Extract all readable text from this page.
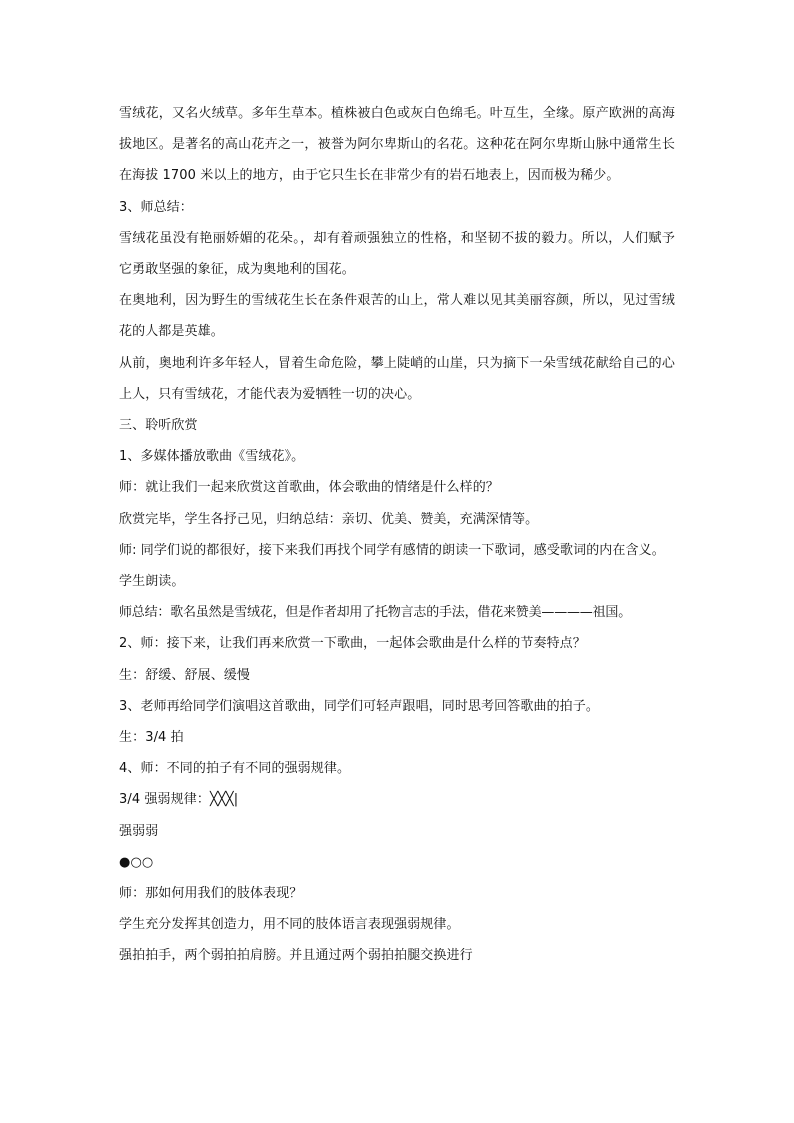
雪绒花，又名火绒草。多年生草本。植株被白色或灰白色绵毛。叶互生，全缘。原产欧洲的高海拔地区。是著名的高山花卉之一，被誉为阿尔卑斯山的名花。这种花在阿尔卑斯山脉中通常生长在海拔 1700 米以上的地方，由于它只生长在非常少有的岩石地表上，因而极为稀少。

3、师总结：

雪绒花虽没有艳丽娇媚的花朵。，却有着顽强独立的性格，和坚韧不拔的毅力。所以，人们赋予它勇敢坚强的象征，成为奥地利的国花。

在奥地利，因为野生的雪绒花生长在条件艰苦的山上，常人难以见其美丽容颜，所以，见过雪绒花的人都是英雄。

从前，奥地利许多年轻人，冒着生命危险，攀上陡峭的山崖，只为摘下一朵雪绒花献给自己的心上人，只有雪绒花，才能代表为爱牺牲一切的决心。

三、聆听欣赏

1、多媒体播放歌曲《雪绒花》。

师：就让我们一起来欣赏这首歌曲，体会歌曲的情绪是什么样的？

欣赏完毕，学生各抒己见，归纳总结：亲切、优美、赞美，充满深情等。

师: 同学们说的都很好，接下来我们再找个同学有感情的朗读一下歌词，感受歌词的内在含义。

学生朗读。

师总结：歌名虽然是雪绒花，但是作者却用了托物言志的手法，借花来赞美————祖国。

2、师：接下来，让我们再来欣赏一下歌曲，一起体会歌曲是什么样的节奏特点？

生：舒缓、舒展、缓慢

3、老师再给同学们演唱这首歌曲，同学们可轻声跟唱，同时思考回答歌曲的拍子。

生：3/4 拍

4、师：不同的拍子有不同的强弱规律。

3/4 强弱规律：╳╳╳|

强弱弱

●○○

师：那如何用我们的肢体表现？

学生充分发挥其创造力，用不同的肢体语言表现强弱规律。

强拍拍手，两个弱拍拍肩膀。并且通过两个弱拍拍腿交换进行
